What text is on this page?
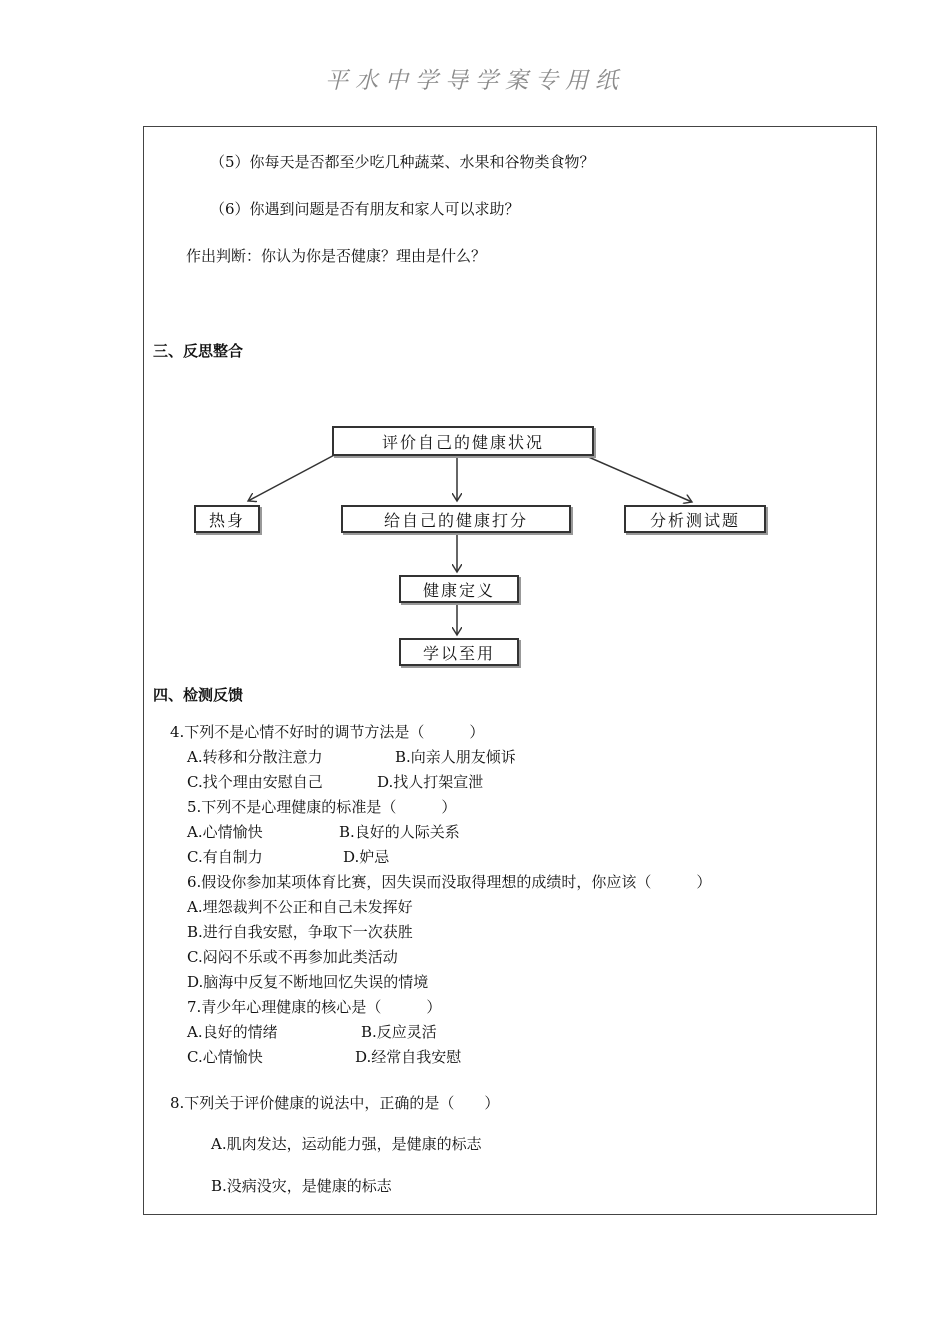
平水中学导学案专用纸
（5）你每天是否都至少吃几种蔬菜、水果和谷物类食物？
（6）你遇到问题是否有朋友和家人可以求助？
作出判断：你认为你是否健康？理由是什么？
三、反思整合
评价自己的健康状况
热身	给自己的健康打分	分析测试题
健康定义
学以至用
四、检测反馈
4.下列不是心情不好时的调节方法是（　　　）
A.转移和分散注意力	B.向亲人朋友倾诉
C.找个理由安慰自己	D.找人打架宣泄
5.下列不是心理健康的标准是（　　　）
A.心情愉快	B.良好的人际关系
C.有自制力	D.妒忌
6.假设你参加某项体育比赛，因失误而没取得理想的成绩时，你应该（　　　）
A.埋怨裁判不公正和自己未发挥好
B.进行自我安慰，争取下一次获胜
C.闷闷不乐或不再参加此类活动
D.脑海中反复不断地回忆失误的情境
7.青少年心理健康的核心是（　　　）
A.良好的情绪	B.反应灵活
C.心情愉快	D.经常自我安慰
8.下列关于评价健康的说法中，正确的是（　　）
A.肌肉发达，运动能力强，是健康的标志
B.没病没灾，是健康的标志
